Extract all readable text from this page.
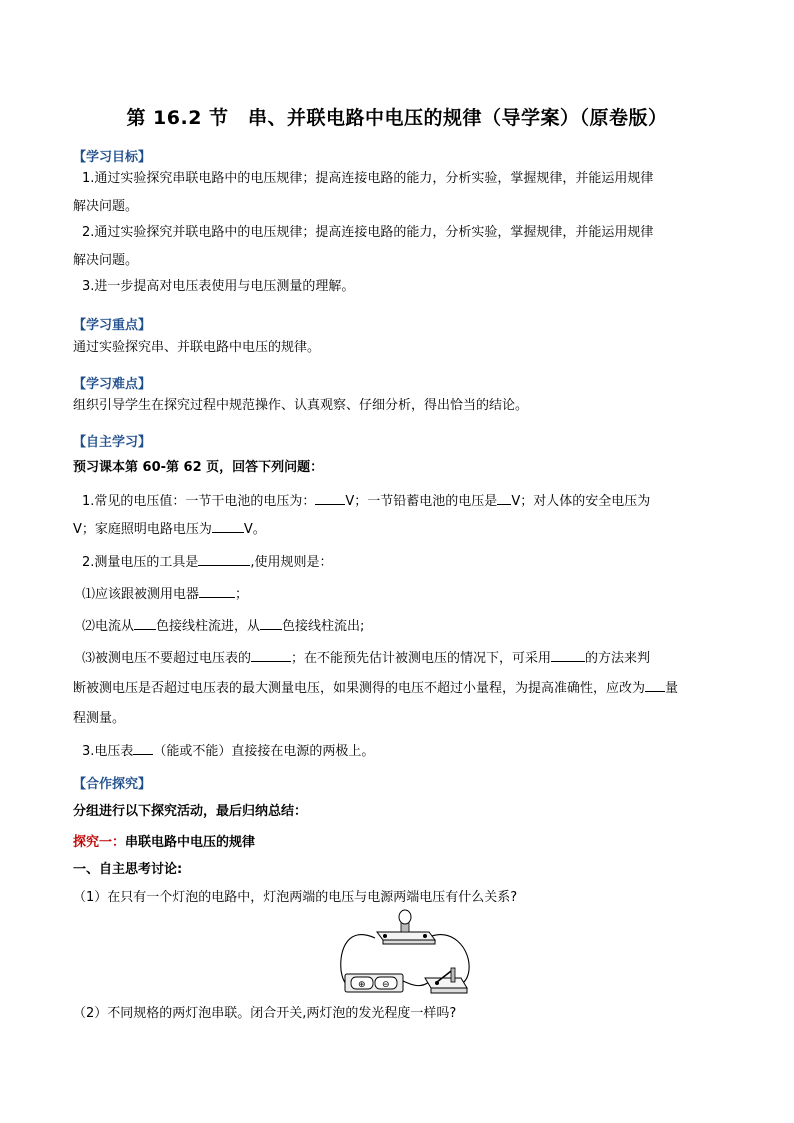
第 16.2 节　串、并联电路中电压的规律（导学案）（原卷版）
【学习目标】
1.通过实验探究串联电路中的电压规律；提高连接电路的能力，分析实验，掌握规律，并能运用规律
解决问题。
2.通过实验探究并联电路中的电压规律；提高连接电路的能力，分析实验，掌握规律，并能运用规律
解决问题。
3.进一步提高对电压表使用与电压测量的理解。
【学习重点】
通过实验探究串、并联电路中电压的规律。
【学习难点】
组织引导学生在探究过程中规范操作、认真观察、仔细分析，得出恰当的结论。
【自主学习】
预习课本第 60-第 62 页，回答下列问题：
1.常见的电压值：一节干电池的电压为： V；一节铅蓄电池的电压是 V；对人体的安全电压为
V；家庭照明电路电压为 V。
2.测量电压的工具是	,使用规则是：
⑴应该跟被测用电器	；
⑵电流从 色接线柱流进，从 色接线柱流出;
⑶被测电压不要超过电压表的	；在不能预先估计被测电压的情况下，可采用	的方法来判
断被测电压是否超过电压表的最大测量电压，如果测得的电压不超过小量程，为提高准确性，应改为 量
程测量。
3.电压表 （能或不能）直接接在电源的两极上。
【合作探究】
分组进行以下探究活动，最后归纳总结：
探究一：串联电路中电压的规律
一、自主思考讨论:
（1）在只有一个灯泡的电路中，灯泡两端的电压与电源两端电压有什么关系?
⊕ ⊖
（2）不同规格的两灯泡串联。闭合开关,两灯泡的发光程度一样吗?
